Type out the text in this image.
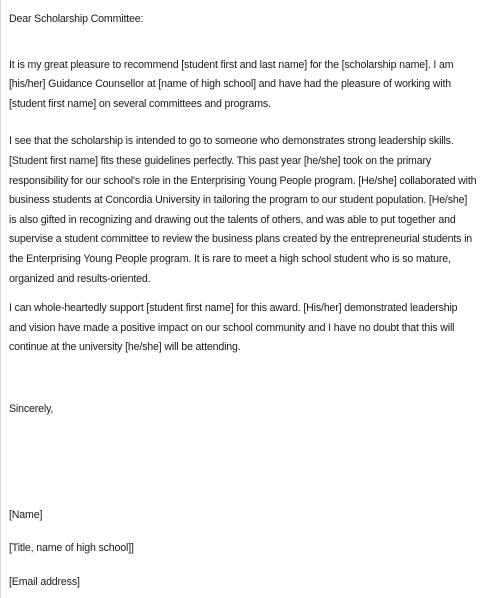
Dear Scholarship Committee:

It is my great pleasure to recommend [student first and last name] for the [scholarship name]. I am [his/her] Guidance Counsellor at [name of high school] and have had the pleasure of working with [student first name] on several committees and programs.

I see that the scholarship is intended to go to someone who demonstrates strong leadership skills. [Student first name] fits these guidelines perfectly. This past year [he/she] took on the primary responsibility for our school's role in the Enterprising Young People program. [He/she] collaborated with business students at Concordia University in tailoring the program to our student population. [He/she] is also gifted in recognizing and drawing out the talents of others, and was able to put together and supervise a student committee to review the business plans created by the entrepreneurial students in the Enterprising Young People program. It is rare to meet a high school student who is so mature, organized and results-oriented.

I can whole-heartedly support [student first name] for this award. [His/her] demonstrated leadership and vision have made a positive impact on our school community and I have no doubt that this will continue at the university [he/she] will be attending.

Sincerely,

[Name]

[Title, name of high school]]

[Email address]
